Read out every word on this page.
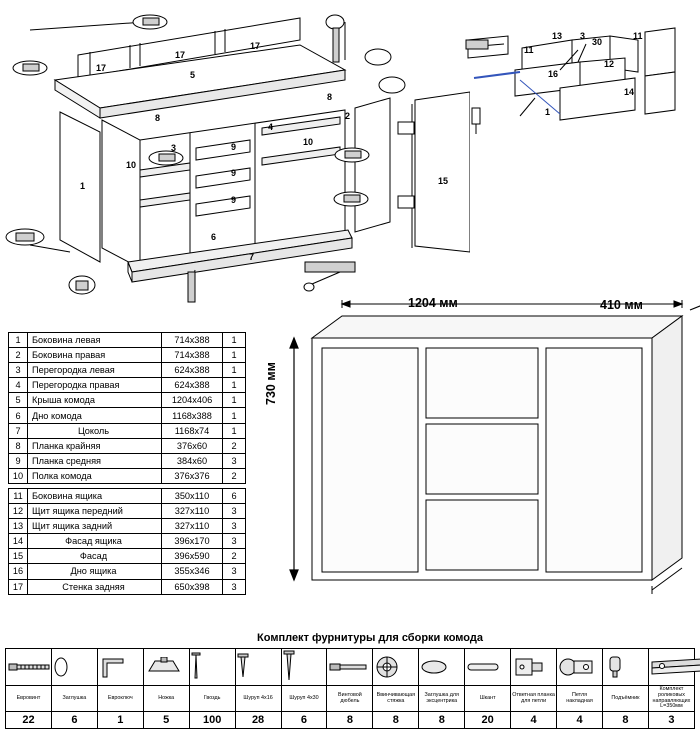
17
17
17
5
8
8
3
4
10
10
9
9
9
2
1
6
7
15
11
13 3
30
11
16
12
14
1
1	Боковина левая	714x388	1
2	Боковина правая	714x388	1
3	Перегородка левая	624x388	1
4	Перегородка правая	624x388	1
5	Крыша комода	1204x406	1
6	Дно комода	1168x388	1
7	Цоколь	1168x74	1
8	Планка крайняя	376x60	2
9	Планка средняя	384x60	3
10	Полка комода	376x376	2

11	Боковина ящика	350x110	6
12	Щит ящика передний	327x110	3
13	Щит ящика задний	327x110	3
14	Фасад ящика	396x170	3
15	Фасад	396x590	2
16	Дно ящика	355x346	3
17	Стенка задняя	650x398	3
1204 мм	410 мм
730 мм
Комплект фурнитуры для сборки комода

Евровинт	Заглушка	Евроключ	Ножка	Гвоздь	Шуруп 4x16	Шуруп 4x30	Винтовой дюбель	Ввинчивающая стяжка	Заглушка для эксцентрика	Шкант	Ответная планка для петли	Петля накладная	Подъёмник	Комплект роликовых направляющих L=350мм
22	6	1	5	100	28	6	8	8	8	20	4	4	8	3
